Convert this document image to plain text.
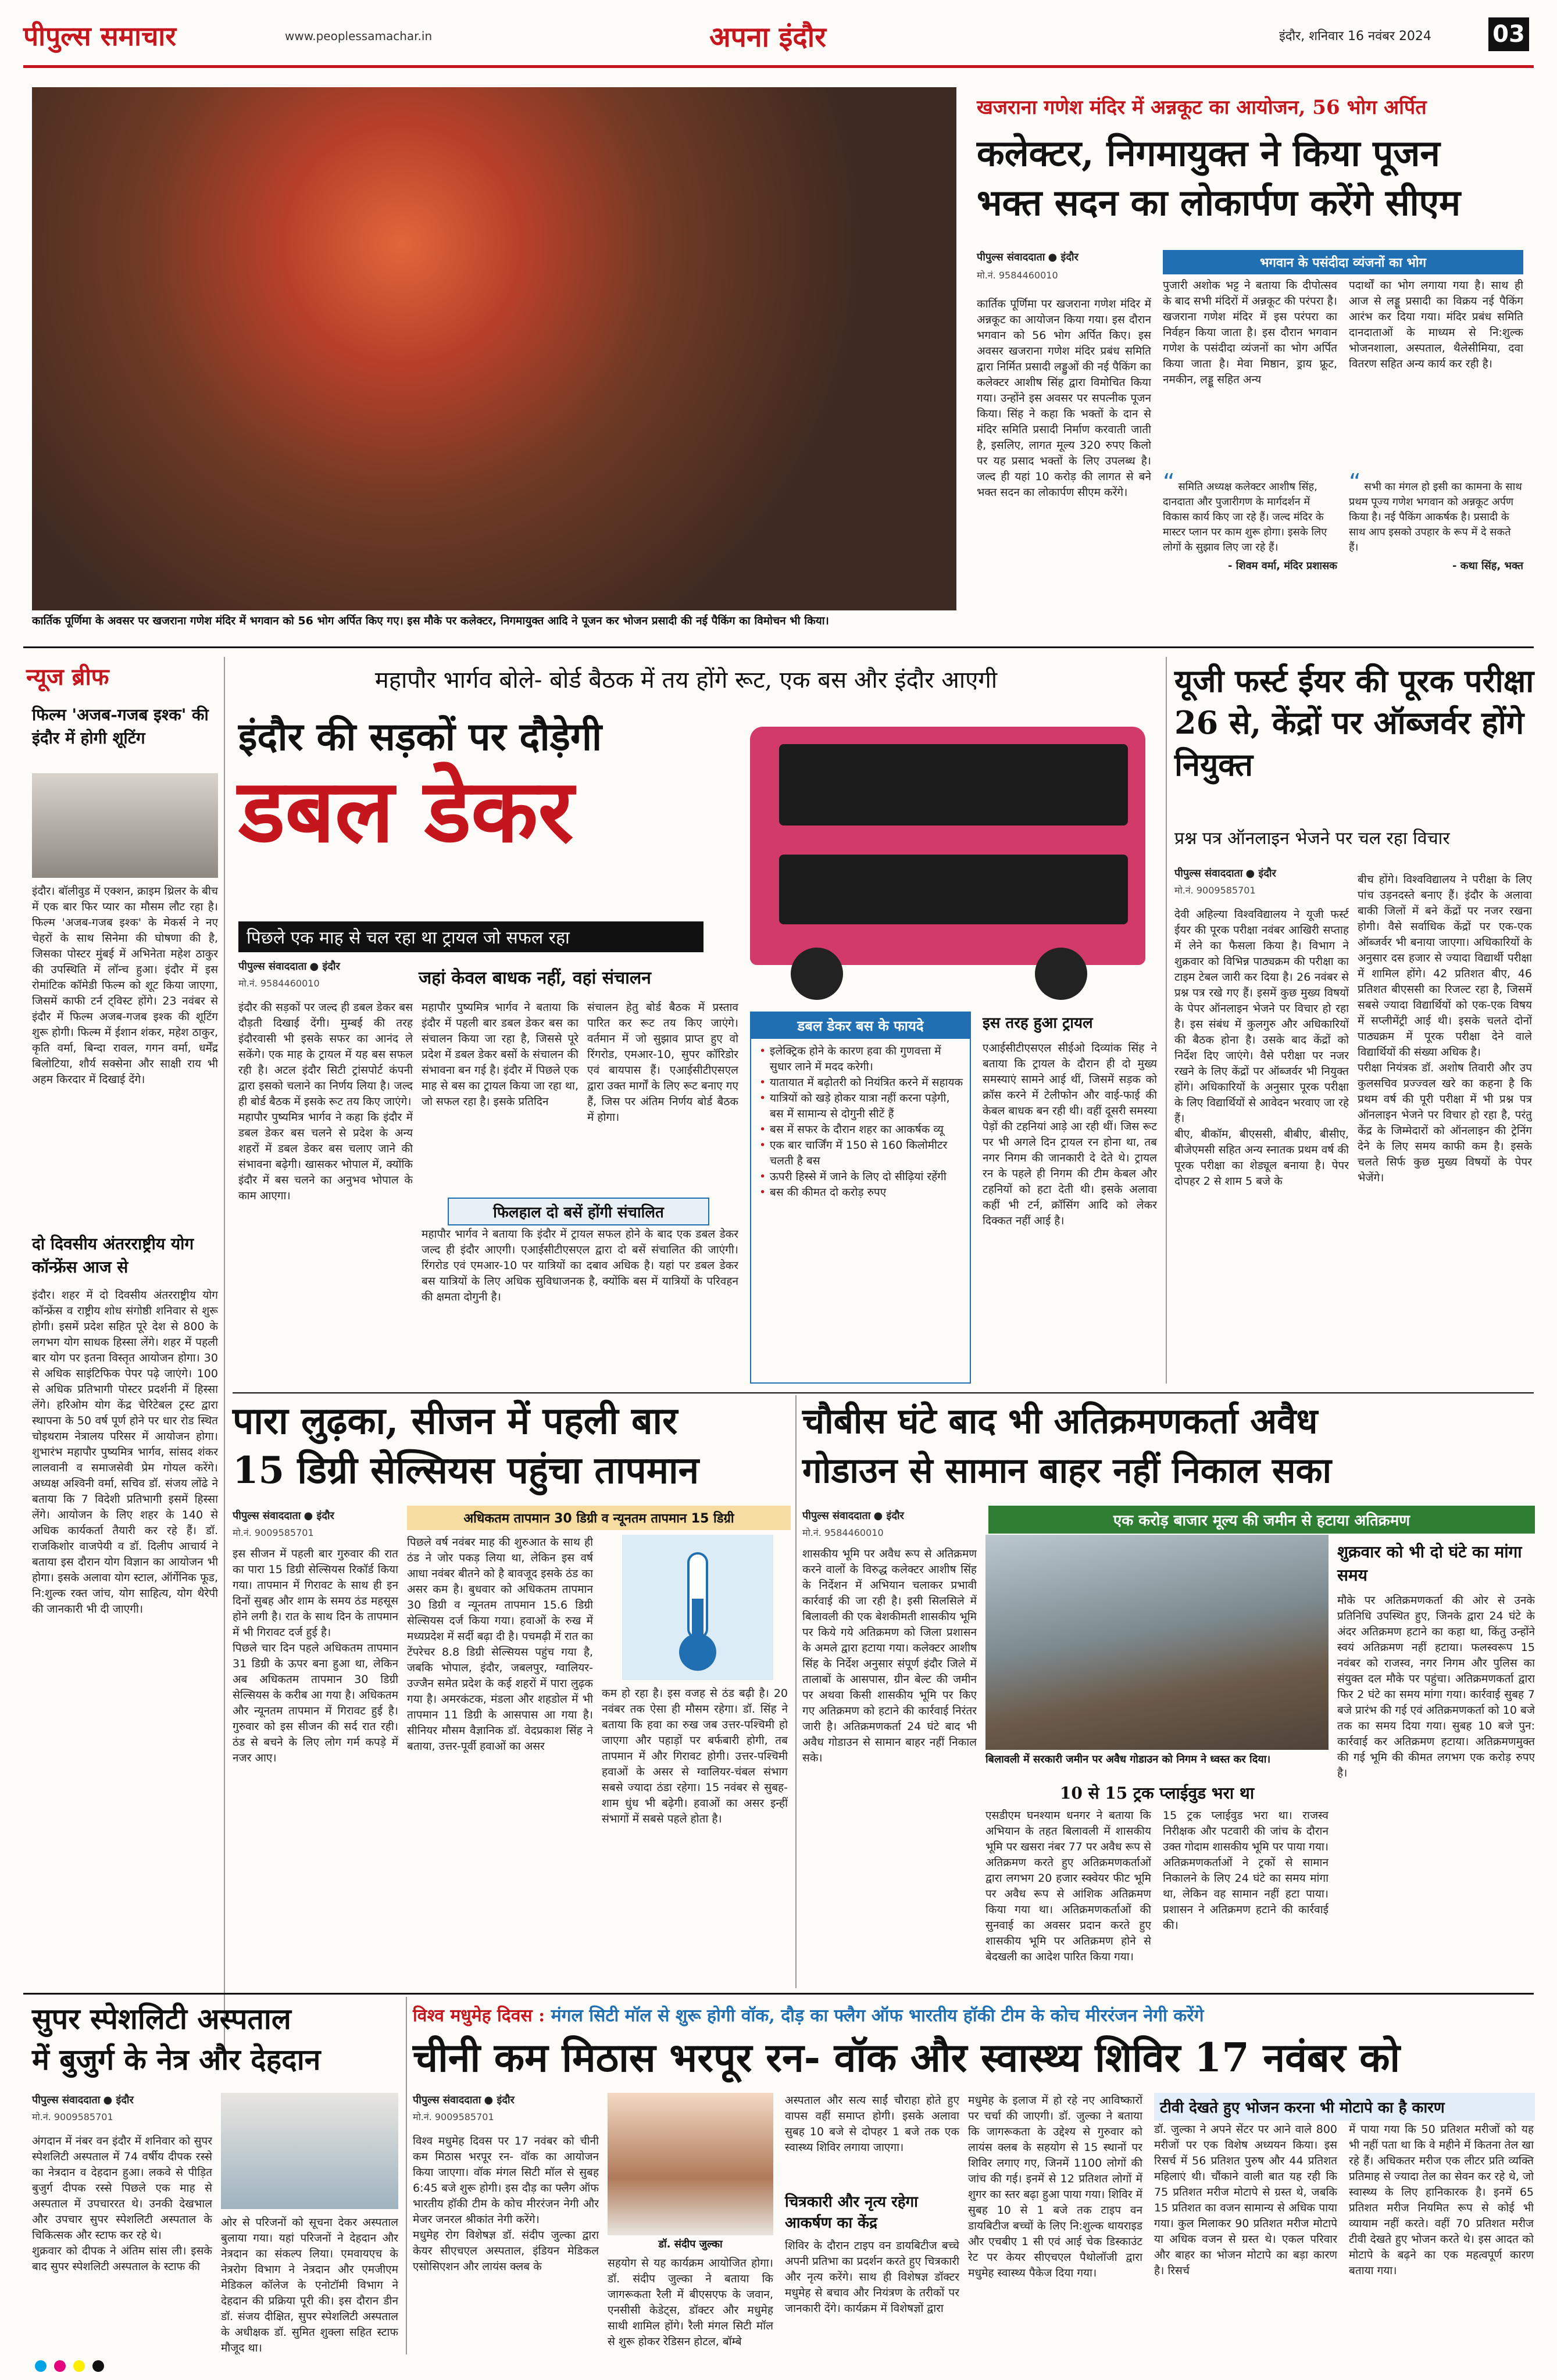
पीपुल्स समाचार	www.peoplessamachar.in	अपना इंदौर	इंदौर, शनिवार 16 नवंबर 2024	03
कार्तिक पूर्णिमा के अवसर पर खजराना गणेश मंदिर में भगवान को 56 भोग अर्पित किए गए। इस मौके पर कलेक्टर, निगमायुक्त आदि ने पूजन कर भोजन प्रसादी की नई पैकिंग का विमोचन भी किया।
खजराना गणेश मंदिर में अन्नकूट का आयोजन, 56 भोग अर्पित
कलेक्टर, निगमायुक्त ने किया पूजन
भक्त सदन का लोकार्पण करेंगे सीएम
पीपुल्स संवाददाता ● इंदौर
मो.नं. 9584460010
कार्तिक पूर्णिमा पर खजराना गणेश मंदिर में अन्नकूट का आयोजन किया गया। इस दौरान भगवान को 56 भोग अर्पित किए। इस अवसर खजराना गणेश मंदिर प्रबंध समिति द्वारा निर्मित प्रसादी लड्डुओं की नई पैकिंग का कलेक्टर आशीष सिंह द्वारा विमोचित किया गया। उन्होंने इस अवसर पर सपत्नीक पूजन किया। सिंह ने कहा कि भक्तों के दान से मंदिर समिति प्रसादी निर्माण करवाती जाती है, इसलिए, लागत मूल्य 320 रुपए किलो पर यह प्रसाद भक्तों के लिए उपलब्ध है। जल्द ही यहां 10 करोड़ की लागत से बने भक्त सदन का लोकार्पण सीएम करेंगे।
भगवान के पसंदीदा व्यंजनों का भोग
पुजारी अशोक भट्ट ने बताया कि दीपोत्सव के बाद सभी मंदिरों में अन्नकूट की परंपरा है। खजराना गणेश मंदिर में इस परंपरा का निर्वहन किया जाता है। इस दौरान भगवान गणेश के पसंदीदा व्यंजनों का भोग अर्पित किया जाता है। मेवा मिष्ठान, ड्राय फ्रूट, नमकीन, लड्डू सहित अन्य
पदार्थों का भोग लगाया गया है। साथ ही आज से लड्डू प्रसादी का विक्रय नई पैकिंग आरंभ कर दिया गया। मंदिर प्रबंध समिति दानदाताओं के माध्यम से नि:शुल्क भोजनशाला, अस्पताल, थैलेसीमिया, दवा वितरण सहित अन्य कार्य कर रही है।
“ समिति अध्यक्ष कलेक्टर आशीष सिंह, दानदाता और पुजारीगण के मार्गदर्शन में विकास कार्य किए जा रहे हैं। जल्द मंदिर के मास्टर प्लान पर काम शुरू होगा। इसके लिए लोगों के सुझाव लिए जा रहे हैं।
- शिवम वर्मा, मंदिर प्रशासक
“ सभी का मंगल हो इसी का कामना के साथ प्रथम पूज्य गणेश भगवान को अन्नकूट अर्पण किया है। नई पैकिंग आकर्षक है। प्रसादी के साथ आप इसको उपहार के रूप में दे सकते हैं।
- कथा सिंह, भक्त
न्यूज ब्रीफ
फिल्म 'अजब-गजब इश्क' की इंदौर में होगी शूटिंग
इंदौर। बॉलीवुड में एक्शन, क्राइम थ्रिलर के बीच में एक बार फिर प्यार का मौसम लौट रहा है। फिल्म 'अजब-गजब इश्क' के मेकर्स ने नए चेहरों के साथ सिनेमा की घोषणा की है, जिसका पोस्टर मुंबई में अभिनेता महेश ठाकुर की उपस्थिति में लॉन्च हुआ। इंदौर में इस रोमांटिक कॉमेडी फिल्म को शूट किया जाएगा, जिसमें काफी टर्न ट्विस्ट होंगे। 23 नवंबर से इंदौर में फिल्म अजब-गजब इश्क की शूटिंग शुरू होगी। फिल्म में ईशान शंकर, महेश ठाकुर, कृति वर्मा, बिन्दा रावल, गगन वर्मा, धर्मेंद्र बिलोटिया, शौर्य सक्सेना और साक्षी राय भी अहम किरदार में दिखाई देंगे।
दो दिवसीय अंतरराष्ट्रीय योग कॉन्फ्रेंस आज से
इंदौर। शहर में दो दिवसीय अंतरराष्ट्रीय योग कॉन्फ्रेंस व राष्ट्रीय शोध संगोष्ठी शनिवार से शुरू होगी। इसमें प्रदेश सहित पूरे देश से 800 के लगभग योग साधक हिस्सा लेंगे। शहर में पहली बार योग पर इतना विस्तृत आयोजन होगा। 30 से अधिक साइंटिफिक पेपर पढ़े जाएंगे। 100 से अधिक प्रतिभागी पोस्टर प्रदर्शनी में हिस्सा लेंगे। हरिओम योग केंद्र चेरिटेबल ट्रस्ट द्वारा स्थापना के 50 वर्ष पूर्ण होने पर धार रोड स्थित चोइथराम नेत्रालय परिसर में आयोजन होगा। शुभारंभ महापौर पुष्यमित्र भार्गव, सांसद शंकर लालवानी व समाजसेवी प्रेम गोयल करेंगे। अध्यक्ष अश्विनी वर्मा, सचिव डॉ. संजय लोंढे ने बताया कि 7 विदेशी प्रतिभागी इसमें हिस्सा लेंगे। आयोजन के लिए शहर के 140 से अधिक कार्यकर्ता तैयारी कर रहे हैं। डॉ. राजकिशोर वाजपेयी व डॉ. दिलीप आचार्य ने बताया इस दौरान योग विज्ञान का आयोजन भी होगा। इसके अलावा योग स्टाल, ऑर्गेनिक फूड, नि:शुल्क रक्त जांच, योग साहित्य, योग थैरेपी की जानकारी भी दी जाएगी।
महापौर भार्गव बोले- बोर्ड बैठक में तय होंगे रूट, एक बस और इंदौर आएगी
इंदौर की सड़कों पर दौड़ेगी
डबल डेकर
पिछले एक माह से चल रहा था ट्रायल जो सफल रहा
पीपुल्स संवाददाता ● इंदौर
मो.नं. 9584460010	जहां केवल बाधक नहीं, वहां संचालन
इंदौर की सड़कों पर जल्द ही डबल डेकर बस दौड़ती दिखाई देंगी। मुम्बई की तरह इंदौरवासी भी इसके सफर का आनंद ले सकेंगे। एक माह के ट्रायल में यह बस सफल रही है। अटल इंदौर सिटी ट्रांसपोर्ट कंपनी द्वारा इसको चलाने का निर्णय लिया है। जल्द ही बोर्ड बैठक में इसके रूट तय किए जाएंगे।
महापौर पुष्यमित्र भार्गव ने कहा कि इंदौर में डबल डेकर बस चलने से प्रदेश के अन्य शहरों में डबल डेकर बस चलाए जाने की संभावना बढ़ेगी। खासकर भोपाल में, क्योंकि इंदौर में बस चलने का अनुभव भोपाल के काम आएगा।
महापौर पुष्यमित्र भार्गव ने बताया कि इंदौर में पहली बार डबल डेकर बस का संचालन किया जा रहा है, जिससे पूरे प्रदेश में डबल डेकर बसों के संचालन की संभावना बन गई है। इंदौर में पिछले एक माह से बस का ट्रायल किया जा रहा था, जो सफल रहा है। इसके प्रतिदिन
संचालन हेतु बोर्ड बैठक में प्रस्ताव पारित कर रूट तय किए जाएंगे। वर्तमान में जो सुझाव प्राप्त हुए वो रिंगरोड, एमआर-10, सुपर कॉरिडोर एवं बायपास हैं। एआईसीटीएसएल द्वारा उक्त मार्गों के लिए रूट बनाए गए हैं, जिस पर अंतिम निर्णय बोर्ड बैठक में होगा।
फिलहाल दो बसें होंगी संचालित
महापौर भार्गव ने बताया कि इंदौर में ट्रायल सफल होने के बाद एक डबल डेकर जल्द ही इंदौर आएगी। एआईसीटीएसएल द्वारा दो बसें संचालित की जाएंगी। रिंगरोड एवं एमआर-10 पर यात्रियों का दबाव अधिक है। यहां पर डबल डेकर बस यात्रियों के लिए अधिक सुविधाजनक है, क्योंकि बस में यात्रियों के परिवहन की क्षमता दोगुनी है।
डबल डेकर बस के फायदे
• इलेक्ट्रिक होने के कारण हवा की गुणवत्ता में सुधार लाने में मदद करेगी।
• यातायात में बढ़ोतरी को नियंत्रित करने में सहायक
• यात्रियों को खड़े होकर यात्रा नहीं करना पड़ेगी, बस में सामान्य से दोगुनी सीटें हैं
• बस में सफर के दौरान शहर का आकर्षक व्यू
• एक बार चार्जिंग में 150 से 160 किलोमीटर चलती है बस
• ऊपरी हिस्से में जाने के लिए दो सीढ़ियां रहेंगी
• बस की कीमत दो करोड़ रुपए
इस तरह हुआ ट्रायल
एआईसीटीएसएल सीईओ दिव्यांक सिंह ने बताया कि ट्रायल के दौरान ही दो मुख्य समस्याएं सामने आई थीं, जिसमें सड़क को क्रॉस करने में टेलीफोन और वाई-फाई की केबल बाधक बन रही थी। वहीं दूसरी समस्या पेड़ों की टहनियां आड़े आ रही थीं। जिस रूट पर भी अगले दिन ट्रायल रन होना था, तब नगर निगम की जानकारी दे देते थे। ट्रायल रन के पहले ही निगम की टीम केबल और टहनियों को हटा देती थी। इसके अलावा कहीं भी टर्न, क्रॉसिंग आदि को लेकर दिक्कत नहीं आई है।
यूजी फर्स्ट ईयर की पूरक परीक्षा 26 से, केंद्रों पर ऑब्जर्वर होंगे नियुक्त
प्रश्न पत्र ऑनलाइन भेजने पर चल रहा विचार
पीपुल्स संवाददाता ● इंदौर
मो.नं. 9009585701
देवी अहिल्या विश्वविद्यालय ने यूजी फर्स्ट ईयर की पूरक परीक्षा नवंबर आखिरी सप्ताह में लेने का फैसला किया है। विभाग ने शुक्रवार को विभिन्न पाठ्यक्रम की परीक्षा का टाइम टेबल जारी कर दिया है। 26 नवंबर से प्रश्न पत्र रखे गए हैं। इसमें कुछ मुख्य विषयों के पेपर ऑनलाइन भेजने पर विचार हो रहा है। इस संबंध में कुलगुरु और अधिकारियों की बैठक होना है। उसके बाद केंद्रों को निर्देश दिए जाएंगे। वैसे परीक्षा पर नजर रखने के लिए केंद्रों पर ऑब्जर्वर भी नियुक्त होंगे। अधिकारियों के अनुसार पूरक परीक्षा के लिए विद्यार्थियों से आवेदन भरवाए जा रहे हैं।
बीए, बीकॉम, बीएससी, बीबीए, बीसीए, बीजेएमसी सहित अन्य स्नातक प्रथम वर्ष की पूरक परीक्षा का शेड्यूल बनाया है। पेपर दोपहर 2 से शाम 5 बजे के
बीच होंगे। विश्वविद्यालय ने परीक्षा के लिए पांच उड़नदस्ते बनाए हैं। इंदौर के अलावा बाकी जिलों में बने केंद्रों पर नजर रखना होगी। वैसे सर्वाधिक केंद्रों पर एक-एक ऑब्जर्वर भी बनाया जाएगा। अधिकारियों के अनुसार दस हजार से ज्यादा विद्यार्थी परीक्षा में शामिल होंगे। 42 प्रतिशत बीए, 46 प्रतिशत बीएससी का रिजल्ट रहा है, जिसमें सबसे ज्यादा विद्यार्थियों को एक-एक विषय में सप्लीमेंट्री आई थी। इसके चलते दोनों पाठ्यक्रम में पूरक परीक्षा देने वाले विद्यार्थियों की संख्या अधिक है।
परीक्षा नियंत्रक डॉ. अशोष तिवारी और उप कुलसचिव प्रज्ज्वल खरे का कहना है कि प्रथम वर्ष की पूरी परीक्षा में भी प्रश्न पत्र ऑनलाइन भेजने पर विचार हो रहा है, परंतु केंद्र के जिम्मेदारों को ऑनलाइन की ट्रेनिंग देने के लिए समय काफी कम है। इसके चलते सिर्फ कुछ मुख्य विषयों के पेपर भेजेंगे।
पारा लुढ़का, सीजन में पहली बार
15 डिग्री सेल्सियस पहुंचा तापमान
पीपुल्स संवाददाता ● इंदौर
मो.नं. 9009585701
अधिकतम तापमान 30 डिग्री व न्यूनतम तापमान 15 डिग्री
इस सीजन में पहली बार गुरुवार की रात का पारा 15 डिग्री सेल्सियस रिकॉर्ड किया गया। तापमान में गिरावट के साथ ही इन दिनों सुबह और शाम के समय ठंड महसूस होने लगी है। रात के साथ दिन के तापमान में भी गिरावट दर्ज हुई है।
पिछले चार दिन पहले अधिकतम तापमान 31 डिग्री के ऊपर बना हुआ था, लेकिन अब अधिकतम तापमान 30 डिग्री सेल्सियस के करीब आ गया है। अधिकतम और न्यूनतम तापमान में गिरावट हुई है। गुरुवार को इस सीजन की सर्द रात रही। ठंड से बचने के लिए लोग गर्म कपड़े में नजर आए।
पिछले वर्ष नवंबर माह की शुरुआत के साथ ही ठंड ने जोर पकड़ लिया था, लेकिन इस वर्ष आधा नवंबर बीतने को है बावजूद इसके ठंड का असर कम है। बुधवार को अधिकतम तापमान 30 डिग्री व न्यूनतम तापमान 15.6 डिग्री सेल्सियस दर्ज किया गया। हवाओं के रुख में मध्यप्रदेश में सर्दी बढ़ा दी है। पचमढ़ी में रात का टेंपरेचर 8.8 डिग्री सेल्सियस पहुंच गया है, जबकि भोपाल, इंदौर, जबलपुर, ग्वालियर-उज्जैन समेत प्रदेश के कई शहरों में पारा लुढ़क गया है। अमरकंटक, मंडला और शहडोल में भी तापमान 11 डिग्री के आसपास आ गया है। सीनियर मौसम वैज्ञानिक डॉ. वेदप्रकाश सिंह ने बताया, उत्तर-पूर्वी हवाओं का असर
कम हो रहा है। इस वजह से ठंड बढ़ी है। 20 नवंबर तक ऐसा ही मौसम रहेगा। डॉ. सिंह ने बताया कि हवा का रुख जब उत्तर-पश्चिमी हो जाएगा और पहाड़ों पर बर्फबारी होगी, तब तापमान में और गिरावट होगी। उत्तर-पश्चिमी हवाओं के असर से ग्वालियर-चंबल संभाग सबसे ज्यादा ठंडा रहेगा। 15 नवंबर से सुबह-शाम धुंध भी बढ़ेगी। हवाओं का असर इन्हीं संभागों में सबसे पहले होता है।
चौबीस घंटे बाद भी अतिक्रमणकर्ता अवैध
गोडाउन से सामान बाहर नहीं निकाल सका
पीपुल्स संवाददाता ● इंदौर
मो.नं. 9584460010
एक करोड़ बाजार मूल्य की जमीन से हटाया अतिक्रमण
शासकीय भूमि पर अवैध रूप से अतिक्रमण करने वालों के विरुद्ध कलेक्टर आशीष सिंह के निर्देशन में अभियान चलाकर प्रभावी कार्रवाई की जा रही है। इसी सिलसिले में बिलावली की एक बेशकीमती शासकीय भूमि पर किये गये अतिक्रमण को जिला प्रशासन के अमले द्वारा हटाया गया। कलेक्टर आशीष सिंह के निर्देश अनुसार संपूर्ण इंदौर जिले में तालाबों के आसपास, ग्रीन बेल्ट की जमीन पर अथवा किसी शासकीय भूमि पर किए गए अतिक्रमण को हटाने की कार्रवाई निरंतर जारी है। अतिक्रमणकर्ता 24 घंटे बाद भी अवैध गोडाउन से सामान बाहर नहीं निकाल सके।	बिलावली में सरकारी जमीन पर अवैध गोडाउन को निगम ने ध्वस्त कर दिया।
10 से 15 ट्रक प्लाईवुड भरा था
एसडीएम घनश्याम धनगर ने बताया कि अभियान के तहत बिलावली में शासकीय भूमि पर खसरा नंबर 77 पर अवैध रूप से अतिक्रमण करते हुए अतिक्रमणकर्ताओं द्वारा लगभग 20 हजार स्क्वेयर फीट भूमि पर अवैध रूप से आंशिक अतिक्रमण किया गया था। अतिक्रमणकर्ताओं की सुनवाई का अवसर प्रदान करते हुए शासकीय भूमि पर अतिक्रमण होने से बेदखली का आदेश पारित किया गया।
15 ट्रक प्लाईवुड भरा था। राजस्व निरीक्षक और पटवारी की जांच के दौरान उक्त गोदाम शासकीय भूमि पर पाया गया। अतिक्रमणकर्ताओं ने ट्रकों से सामान निकालने के लिए 24 घंटे का समय मांगा था, लेकिन वह सामान नहीं हटा पाया। प्रशासन ने अतिक्रमण हटाने की कार्रवाई की।
शुक्रवार को भी दो घंटे का मांगा समय
मौके पर अतिक्रमणकर्ता की ओर से उनके प्रतिनिधि उपस्थित हुए, जिनके द्वारा 24 घंटे के अंदर अतिक्रमण हटाने का कहा था, किंतु उन्होंने स्वयं अतिक्रमण नहीं हटाया। फलस्वरूप 15 नवंबर को राजस्व, नगर निगम और पुलिस का संयुक्त दल मौके पर पहुंचा। अतिक्रमणकर्ता द्वारा फिर 2 घंटे का समय मांगा गया। कार्रवाई सुबह 7 बजे प्रारंभ की गई एवं अतिक्रमणकर्ता को 10 बजे तक का समय दिया गया। सुबह 10 बजे पुन: कार्रवाई कर अतिक्रमण हटाया। अतिक्रमणमुक्त की गई भूमि की कीमत लगभग एक करोड़ रुपए है।
सुपर स्पेशलिटी अस्पताल
में बुजुर्ग के नेत्र और देहदान
पीपुल्स संवाददाता ● इंदौर
मो.नं. 9009585701
अंगदान में नंबर वन इंदौर में शनिवार को सुपर स्पेशलिटी अस्पताल में 74 वर्षीय दीपक रस्से का नेत्रदान व देहदान हुआ। लकवे से पीड़ित बुजुर्ग दीपक रस्से पिछले एक माह से अस्पताल में उपचाररत थे। उनकी देखभाल और उपचार सुपर स्पेशलिटी अस्पताल के चिकित्सक और स्टाफ कर रहे थे।
शुक्रवार को दीपक ने अंतिम सांस ली। इसके बाद सुपर स्पेशलिटी अस्पताल के स्टाफ की
ओर से परिजनों को सूचना देकर अस्पताल बुलाया गया। यहां परिजनों ने देहदान और नेत्रदान का संकल्प लिया। एमवायएच के नेत्ररोग विभाग ने नेत्रदान और एमजीएम मेडिकल कॉलेज के एनोटॉमी विभाग ने देहदान की प्रक्रिया पूरी की। इस दौरान डीन डॉ. संजय दीक्षित, सुपर स्पेशलिटी अस्पताल के अधीक्षक डॉ. सुमित शुक्ला सहित स्टाफ मौजूद था।
विश्व मधुमेह दिवस : मंगल सिटी मॉल से शुरू होगी वॉक, दौड़ का फ्लैग ऑफ भारतीय हॉकी टीम के कोच मीररंजन नेगी करेंगे
चीनी कम मिठास भरपूर रन- वॉक और स्वास्थ्य शिविर 17 नवंबर को
पीपुल्स संवाददाता ● इंदौर
मो.नं. 9009585701
विश्व मधुमेह दिवस पर 17 नवंबर को चीनी कम मिठास भरपूर रन- वॉक का आयोजन किया जाएगा। वॉक मंगल सिटी मॉल से सुबह 6:45 बजे शुरू होगी। इस दौड़ का फ्लैग ऑफ भारतीय हॉकी टीम के कोच मीररंजन नेगी और मेजर जनरल श्रीकांत नेगी करेंगे।
मधुमेह रोग विशेषज्ञ डॉ. संदीप जुल्का द्वारा केयर सीएचएल अस्पताल, इंडियन मेडिकल एसोसिएशन और लायंस क्लब के
डॉ. संदीप जुल्का
सहयोग से यह कार्यक्रम आयोजित होगा। डॉ. संदीप जुल्का ने बताया कि जागरूकता रैली में बीएसएफ के जवान, एनसीसी केडेट्स, डॉक्टर और मधुमेह साथी शामिल होंगे। रैली मंगल सिटी मॉल से शुरू होकर रेडिसन होटल, बॉम्बे
अस्पताल और सत्य साईं चौराहा होते हुए वापस वहीं समाप्त होगी। इसके अलावा सुबह 10 बजे से दोपहर 1 बजे तक एक स्वास्थ्य शिविर लगाया जाएगा।
चित्रकारी और नृत्य रहेगा आकर्षण का केंद्र
शिविर के दौरान टाइप वन डायबिटीज बच्चे अपनी प्रतिभा का प्रदर्शन करते हुए चित्रकारी और नृत्य करेंगे। साथ ही विशेषज्ञ डॉक्टर मधुमेह से बचाव और नियंत्रण के तरीकों पर जानकारी देंगे। कार्यक्रम में विशेषज्ञों द्वारा
मधुमेह के इलाज में हो रहे नए आविष्कारों पर चर्चा की जाएगी। डॉ. जुल्का ने बताया कि जागरूकता के उद्देश्य से गुरुवार को लायंस क्लब के सहयोग से 15 स्थानों पर शिविर लगाए गए, जिनमें 1100 लोगों की जांच की गई। इनमें से 12 प्रतिशत लोगों में शुगर का स्तर बढ़ा हुआ पाया गया। शिविर में सुबह 10 से 1 बजे तक टाइप वन डायबिटीज बच्चों के लिए नि:शुल्क थायराइड और एचबीए 1 सी एवं आई चेक डिस्काउंट रेट पर केयर सीएचएल पैथोलॉजी द्वारा मधुमेह स्वास्थ्य पैकेज दिया गया।
टीवी देखते हुए भोजन करना भी मोटापे का है कारण
डॉ. जुल्का ने अपने सेंटर पर आने वाले 800 मरीजों पर एक विशेष अध्ययन किया। इस रिसर्च में 56 प्रतिशत पुरुष और 44 प्रतिशत महिलाएं थी। चौंकाने वाली बात यह रही कि 75 प्रतिशत मरीज मोटापे से ग्रस्त थे, जबकि 15 प्रतिशत का वजन सामान्य से अधिक पाया गया। कुल मिलाकर 90 प्रतिशत मरीज मोटापे या अधिक वजन से ग्रस्त थे। एकल परिवार और बाहर का भोजन मोटापे का बड़ा कारण है। रिसर्च
में पाया गया कि 50 प्रतिशत मरीजों को यह भी नहीं पता था कि वे महीने में कितना तेल खा रहे हैं। अधिकतर मरीज एक लीटर प्रति व्यक्ति प्रतिमाह से ज्यादा तेल का सेवन कर रहे थे, जो स्वास्थ्य के लिए हानिकारक है। इनमें 65 प्रतिशत मरीज नियमित रूप से कोई भी व्यायाम नहीं करते। वहीं 70 प्रतिशत मरीज टीवी देखते हुए भोजन करते थे। इस आदत को मोटापे के बढ़ने का एक महत्वपूर्ण कारण बताया गया।
